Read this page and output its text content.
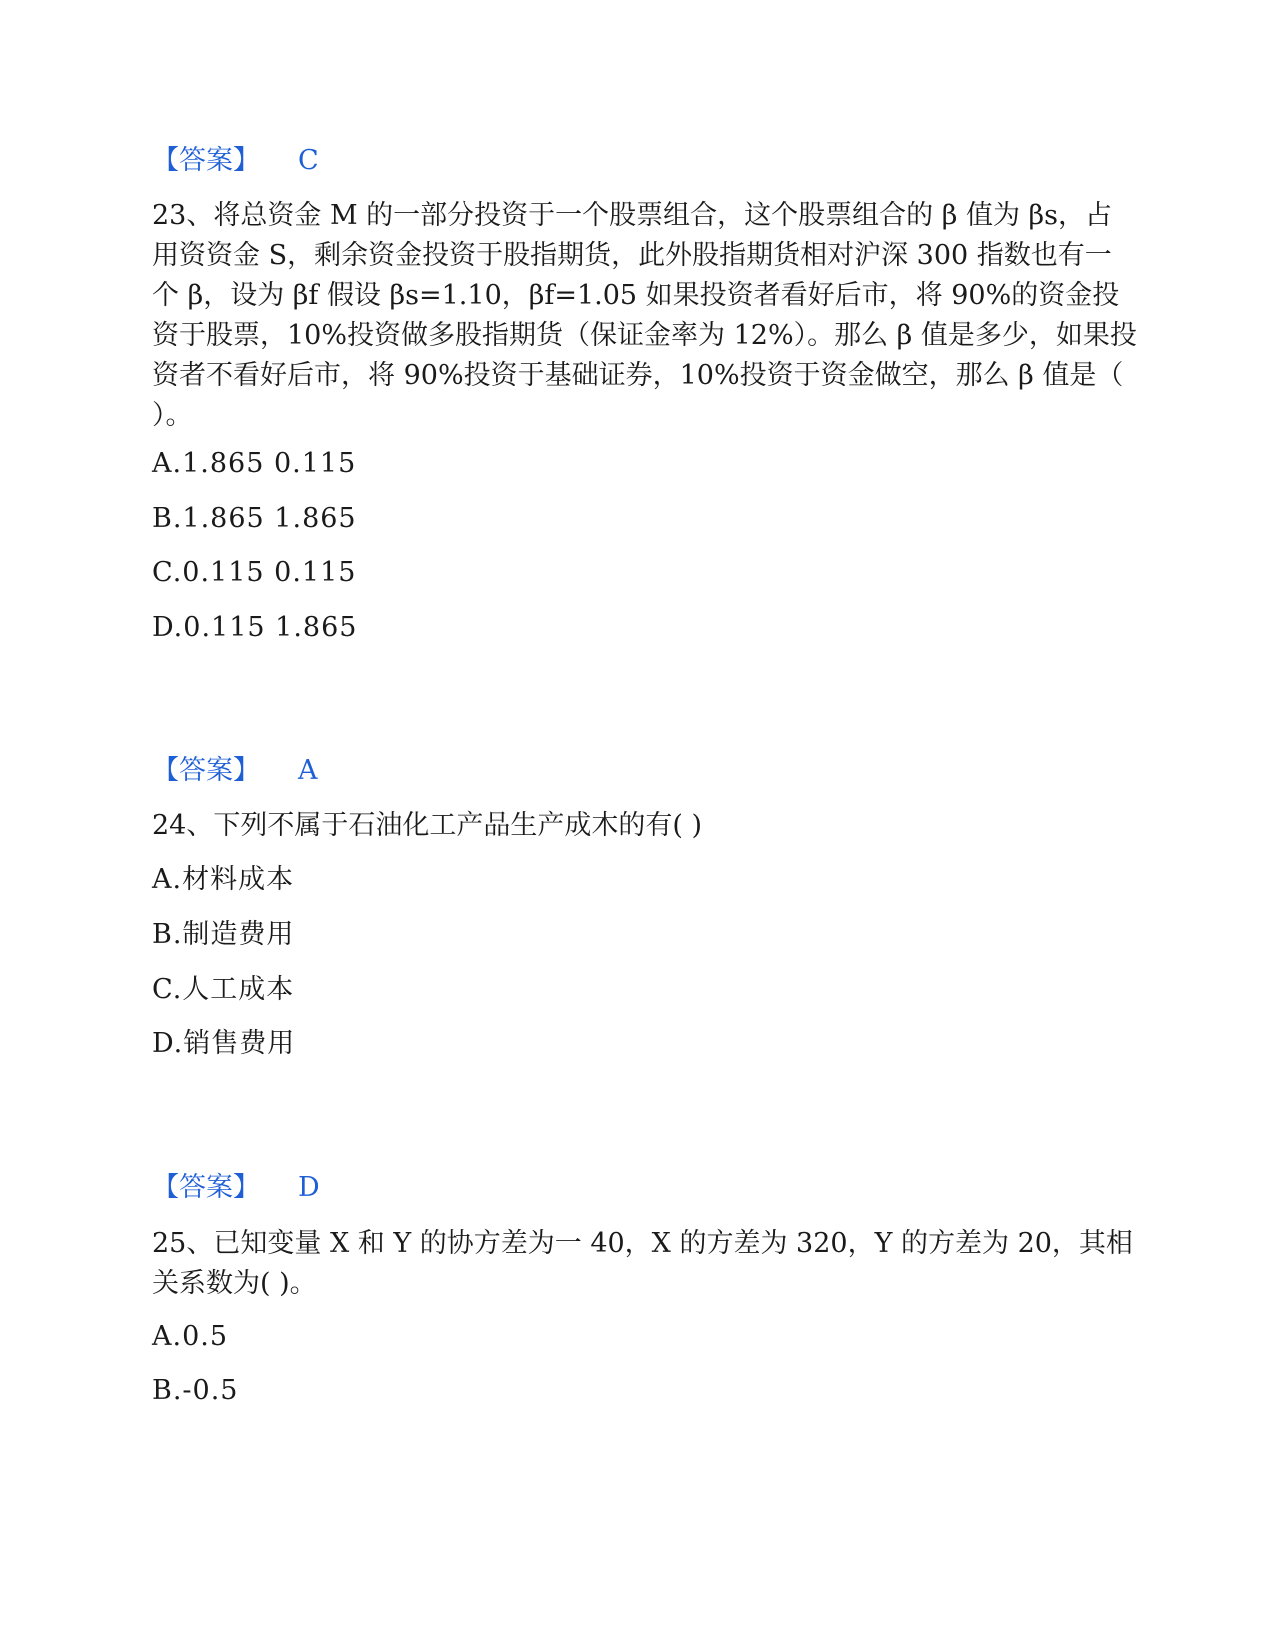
【答案】 C

23、将总资金 M 的一部分投资于一个股票组合，这个股票组合的 β 值为 βs，占用资资金 S，剩余资金投资于股指期货，此外股指期货相对沪深 300 指数也有一个 β，设为 βf 假设 βs=1.10，βf=1.05 如果投资者看好后市，将 90%的资金投资于股票，10%投资做多股指期货（保证金率为 12%）。那么 β 值是多少，如果投资者不看好后市，将 90%投资于基础证券，10%投资于资金做空，那么 β 值是（ ）。

A.1.865 0.115
B.1.865 1.865
C.0.115 0.115
D.0.115 1.865
【答案】 A

24、下列不属于石油化工产品生产成木的有( )

A.材料成本
B.制造费用
C.人工成本
D.销售费用
【答案】 D

25、已知变量 X 和 Y 的协方差为一 40，X 的方差为 320，Y 的方差为 20，其相关系数为( )。

A.0.5
B.-0.5
